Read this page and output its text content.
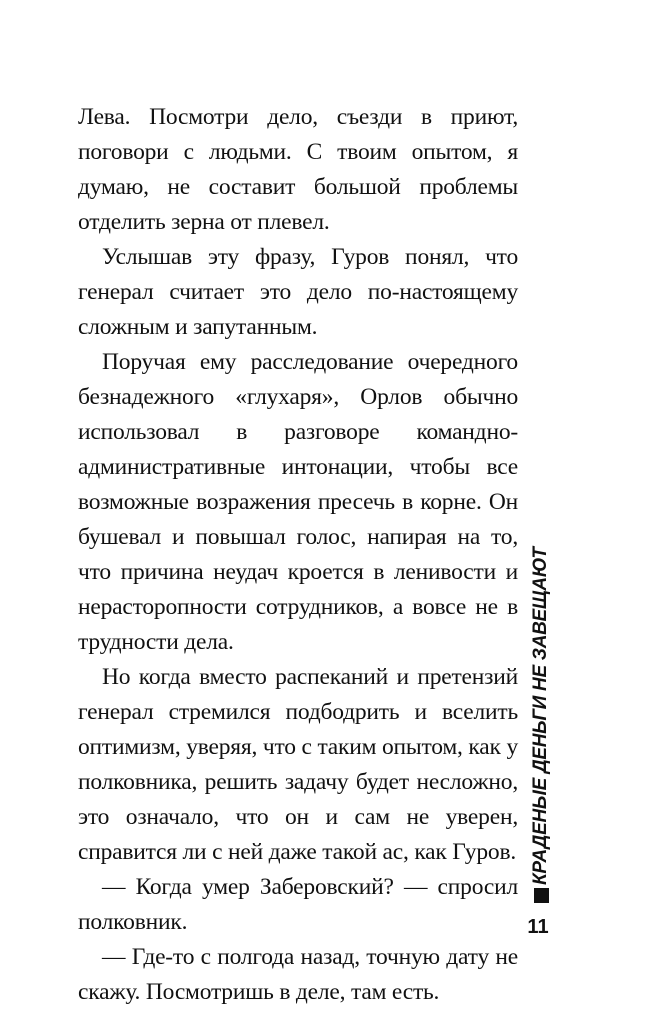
Лева. Посмотри дело, съезди в приют, поговори с людьми. С твоим опытом, я думаю, не составит большой проблемы отделить зерна от плевел.

Услышав эту фразу, Гуров понял, что генерал считает это дело по-настоящему сложным и запутанным.

Поручая ему расследование очередного безнадежного «глухаря», Орлов обычно использовал в разговоре командно-административные интонации, чтобы все возможные возражения пресечь в корне. Он бушевал и повышал голос, напирая на то, что причина неудач кроется в ленивости и нерасторопности сотрудников, а вовсе не в трудности дела.

Но когда вместо распеканий и претензий генерал стремился подбодрить и вселить оптимизм, уверяя, что с таким опытом, как у полковника, решить задачу будет несложно, это означало, что он и сам не уверен, справится ли с ней даже такой ас, как Гуров.

— Когда умер Заберовский? — спросил полковник.

— Где-то с полгода назад, точную дату не скажу. Посмотришь в деле, там есть.

КРАДЕНЫЕ ДЕНЬГИ НЕ ЗАВЕЩАЮТ
11
